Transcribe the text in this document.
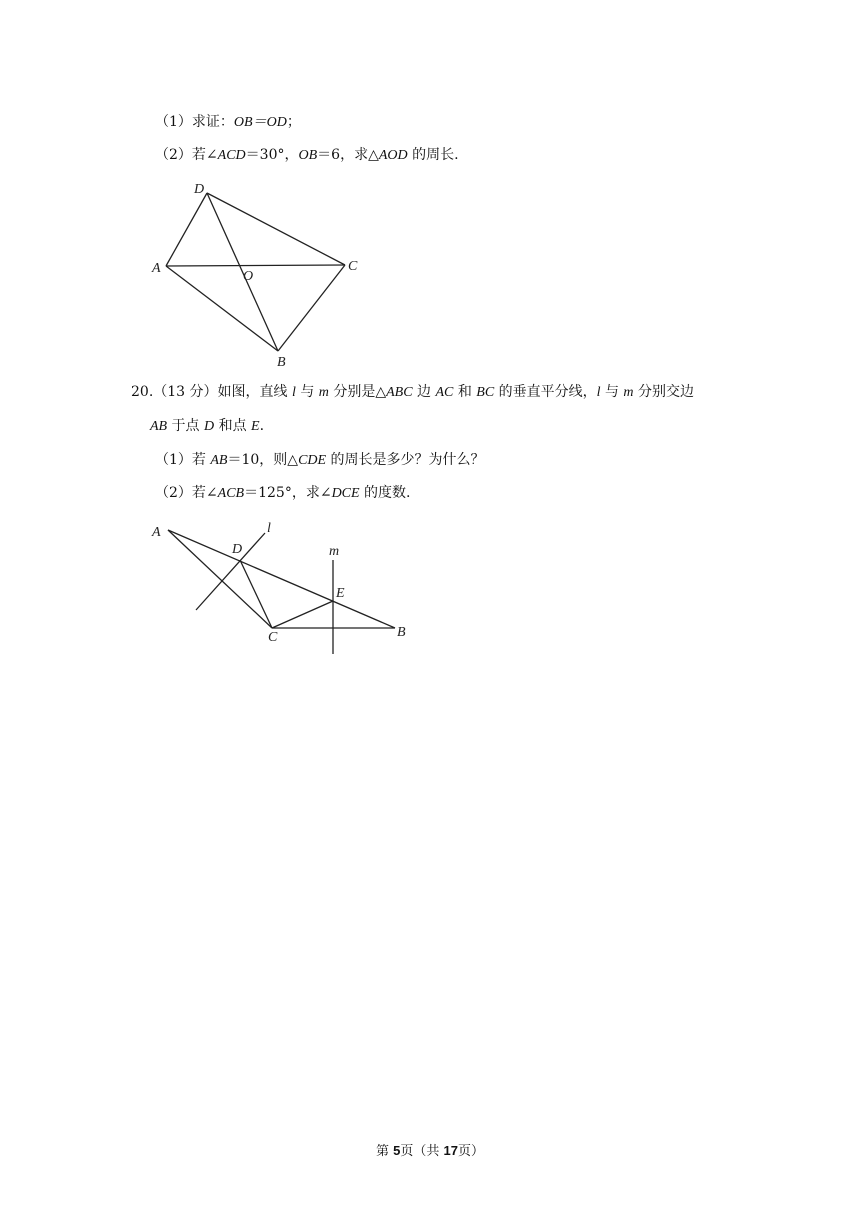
（1）求证：OB＝OD；
（2）若∠ACD＝30°，OB＝6，求△AOD 的周长.
D
A
O
C
B
20.（13 分）如图，直线 l 与 m 分别是△ABC 边 AC 和 BC 的垂直平分线，l 与 m 分别交边
AB 于点 D 和点 E.
（1）若 AB＝10，则△CDE 的周长是多少？为什么？
（2）若∠ACB＝125°，求∠DCE 的度数.
A	l
D	m
E
C	B
第 5页（共 17页）
